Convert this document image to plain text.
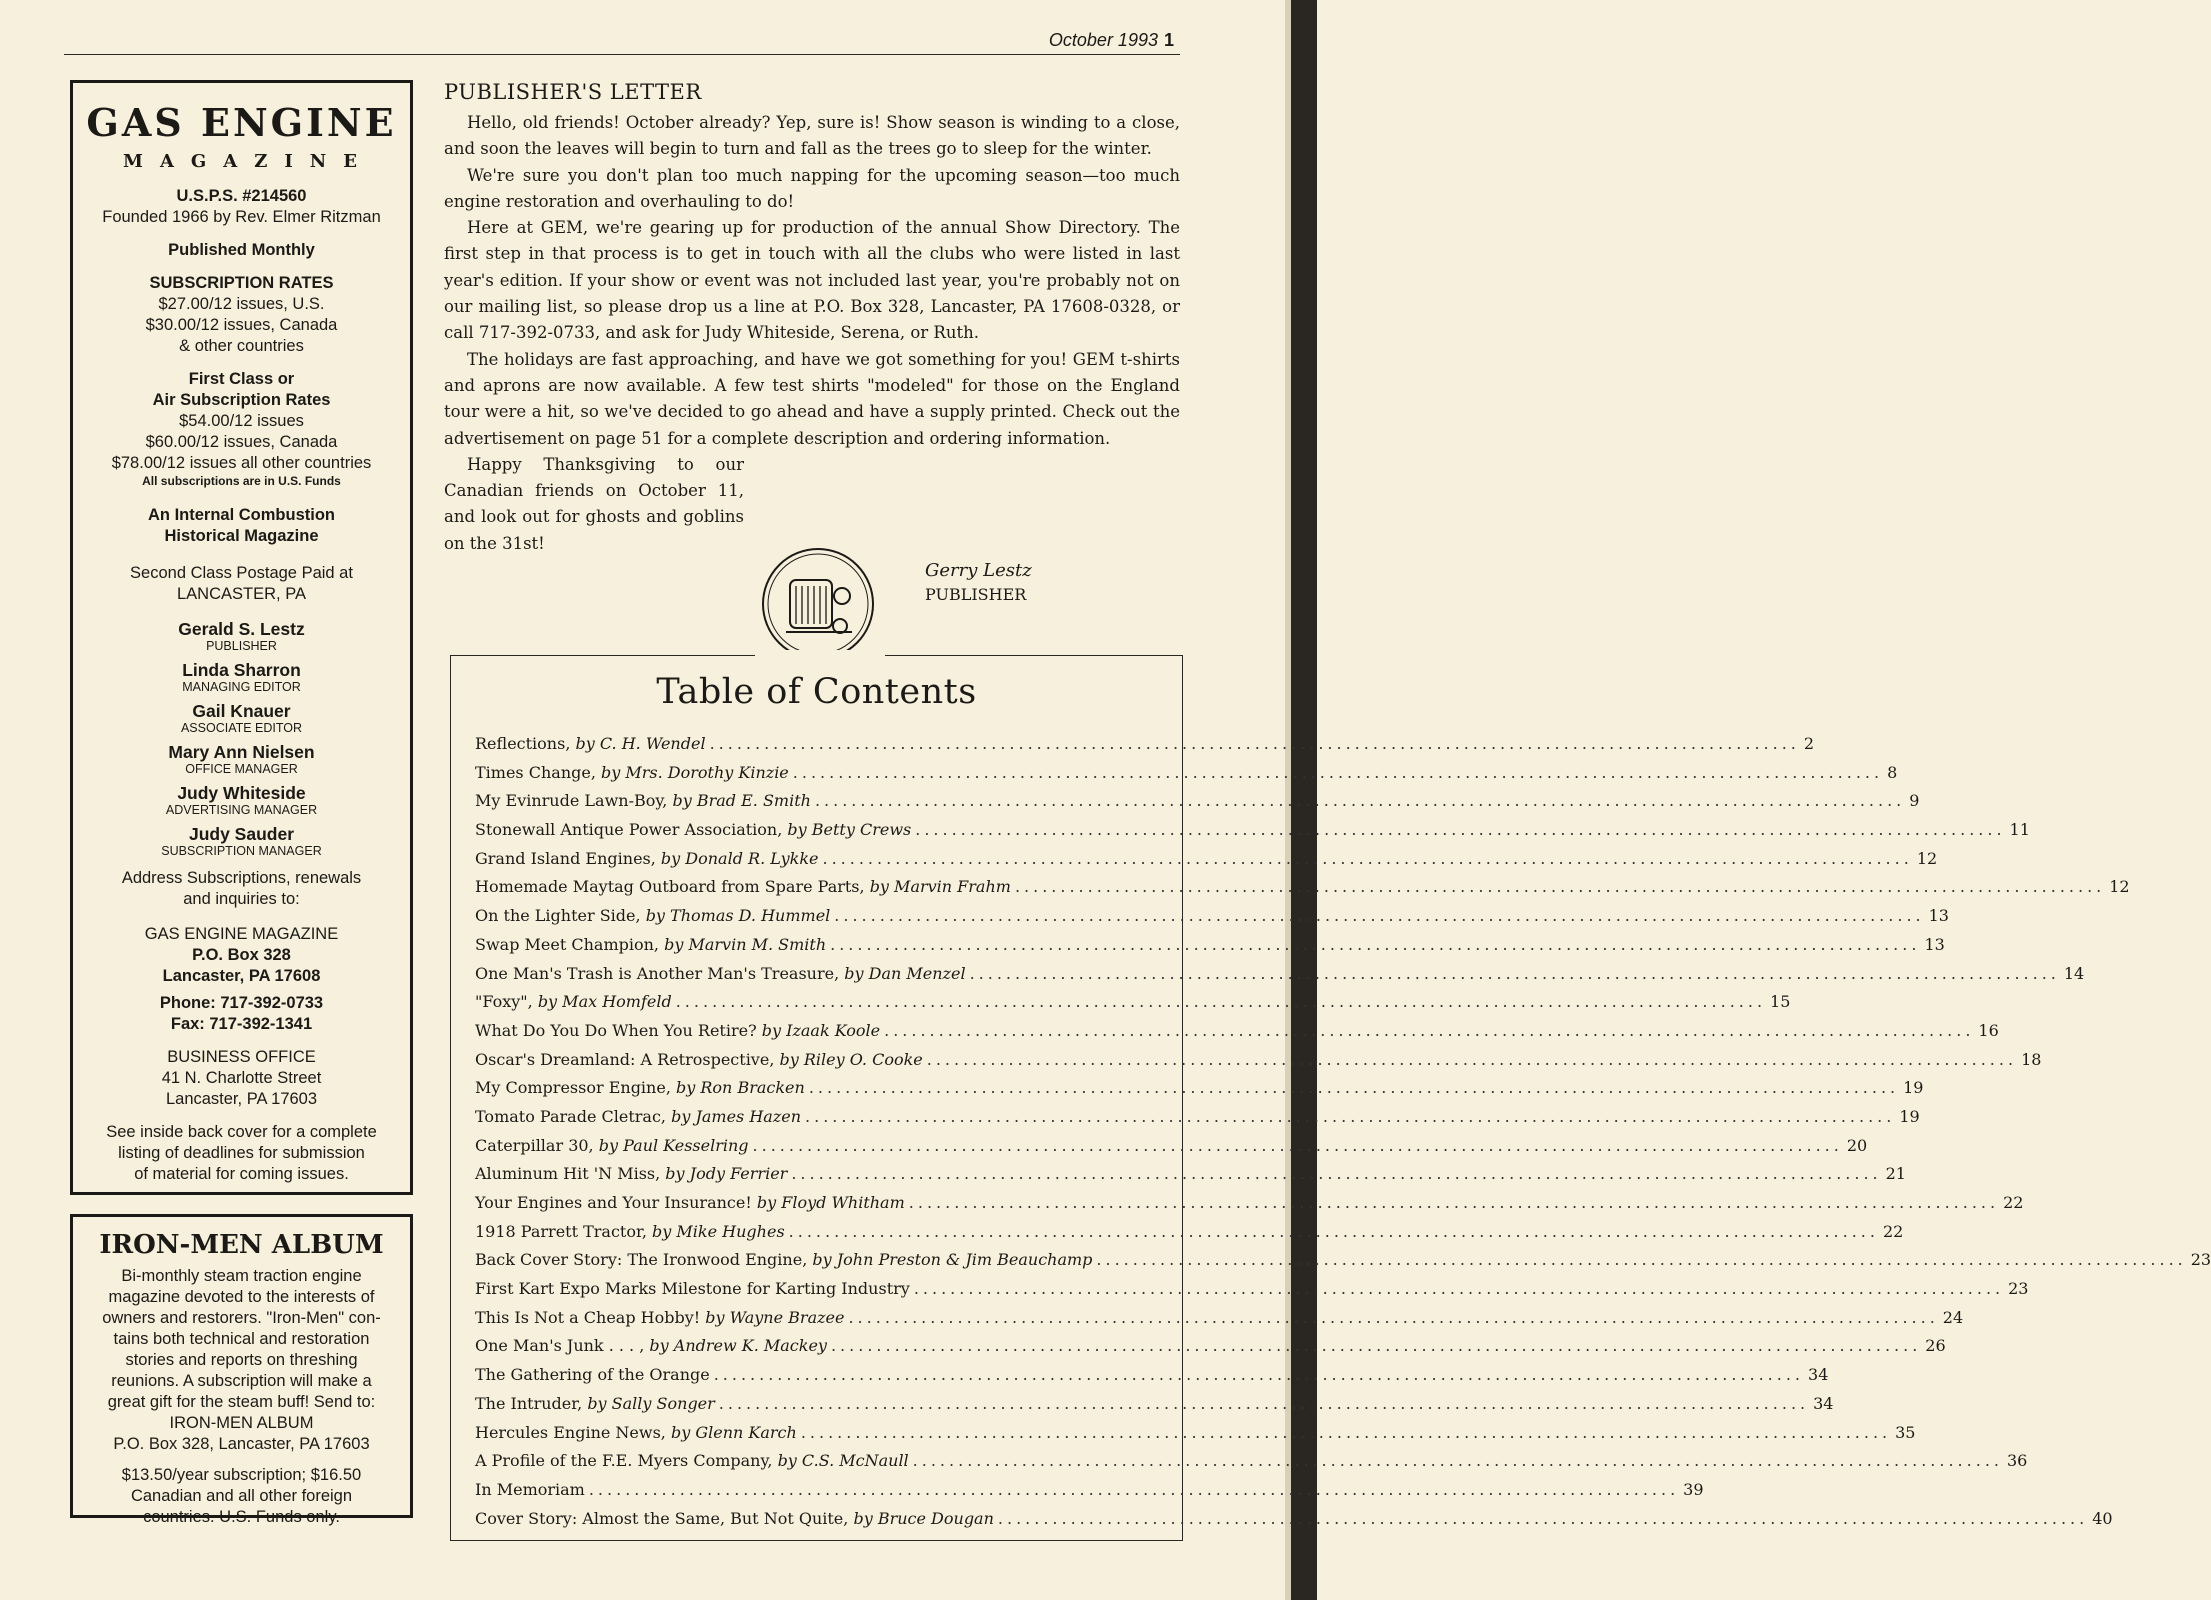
October 1993 1
GAS ENGINE
MAGAZINE
U.S.P.S. #214560
Founded 1966 by Rev. Elmer Ritzman
Published Monthly
SUBSCRIPTION RATES
$27.00/12 issues, U.S.
$30.00/12 issues, Canada
& other countries
First Class or
Air Subscription Rates
$54.00/12 issues
$60.00/12 issues, Canada
$78.00/12 issues all other countries
All subscriptions are in U.S. Funds
An Internal Combustion
Historical Magazine
Second Class Postage Paid at
LANCASTER, PA
Gerald S. Lestz
PUBLISHER
Linda Sharron
MANAGING EDITOR
Gail Knauer
ASSOCIATE EDITOR
Mary Ann Nielsen
OFFICE MANAGER
Judy Whiteside
ADVERTISING MANAGER
Judy Sauder
SUBSCRIPTION MANAGER
Address Subscriptions, renewals
and inquiries to:
GAS ENGINE MAGAZINE
P.O. Box 328
Lancaster, PA 17608
Phone: 717-392-0733
Fax: 717-392-1341
BUSINESS OFFICE
41 N. Charlotte Street
Lancaster, PA 17603
See inside back cover for a complete
listing of deadlines for submission
of material for coming issues.
IRON-MEN ALBUM
Bi-monthly steam traction engine
magazine devoted to the interests of
owners and restorers. "Iron-Men" con-
tains both technical and restoration
stories and reports on threshing
reunions. A subscription will make a
great gift for the steam buff! Send to:
IRON-MEN ALBUM
P.O. Box 328, Lancaster, PA 17603
$13.50/year subscription; $16.50
Canadian and all other foreign
countries. U.S. Funds only.
PUBLISHER'S LETTER

Hello, old friends! October already? Yep, sure is! Show season is winding to a close, and soon the leaves will begin to turn and fall as the trees go to sleep for the winter.

We're sure you don't plan too much napping for the upcoming season—too much engine restoration and overhauling to do!

Here at GEM, we're gearing up for production of the annual Show Directory. The first step in that process is to get in touch with all the clubs who were listed in last year's edition. If your show or event was not included last year, you're probably not on our mailing list, so please drop us a line at P.O. Box 328, Lancaster, PA 17608-0328, or call 717-392-0733, and ask for Judy Whiteside, Serena, or Ruth.

The holidays are fast approaching, and have we got something for you! GEM t-shirts and aprons are now available. A few test shirts "modeled" for those on the England tour were a hit, so we've decided to go ahead and have a supply printed. Check out the advertisement on page 51 for a complete description and ordering information.

Happy Thanksgiving to our Canadian friends on October 11, and look out for ghosts and goblins on the 31st!

Gerry Lestz
PUBLISHER
Table of Contents
Reflections, by C. H. Wendel ........................................................................................................................ 2
Times Change, by Mrs. Dorothy Kinzie ........................................................................................................................ 8
My Evinrude Lawn-Boy, by Brad E. Smith ........................................................................................................................ 9
Stonewall Antique Power Association, by Betty Crews ........................................................................................................................ 11
Grand Island Engines, by Donald R. Lykke ........................................................................................................................ 12
Homemade Maytag Outboard from Spare Parts, by Marvin Frahm ........................................................................................................................ 12
On the Lighter Side, by Thomas D. Hummel ........................................................................................................................ 13
Swap Meet Champion, by Marvin M. Smith ........................................................................................................................ 13
One Man's Trash is Another Man's Treasure, by Dan Menzel ........................................................................................................................ 14
"Foxy", by Max Homfeld ........................................................................................................................ 15
What Do You Do When You Retire? by Izaak Koole ........................................................................................................................ 16
Oscar's Dreamland: A Retrospective, by Riley O. Cooke ........................................................................................................................ 18
My Compressor Engine, by Ron Bracken ........................................................................................................................ 19
Tomato Parade Cletrac, by James Hazen ........................................................................................................................ 19
Caterpillar 30, by Paul Kesselring ........................................................................................................................ 20
Aluminum Hit 'N Miss, by Jody Ferrier ........................................................................................................................ 21
Your Engines and Your Insurance! by Floyd Whitham ........................................................................................................................ 22
1918 Parrett Tractor, by Mike Hughes ........................................................................................................................ 22
Back Cover Story: The Ironwood Engine, by John Preston & Jim Beauchamp ........................................................................................................................ 23
First Kart Expo Marks Milestone for Karting Industry ........................................................................................................................ 23
This Is Not a Cheap Hobby! by Wayne Brazee ........................................................................................................................ 24
One Man's Junk . . . , by Andrew K. Mackey ........................................................................................................................ 26
The Gathering of the Orange ........................................................................................................................ 34
The Intruder, by Sally Songer ........................................................................................................................ 34
Hercules Engine News, by Glenn Karch ........................................................................................................................ 35
A Profile of the F.E. Myers Company, by C.S. McNaull ........................................................................................................................ 36
In Memoriam ........................................................................................................................ 39
Cover Story: Almost the Same, But Not Quite, by Bruce Dougan ........................................................................................................................ 40
